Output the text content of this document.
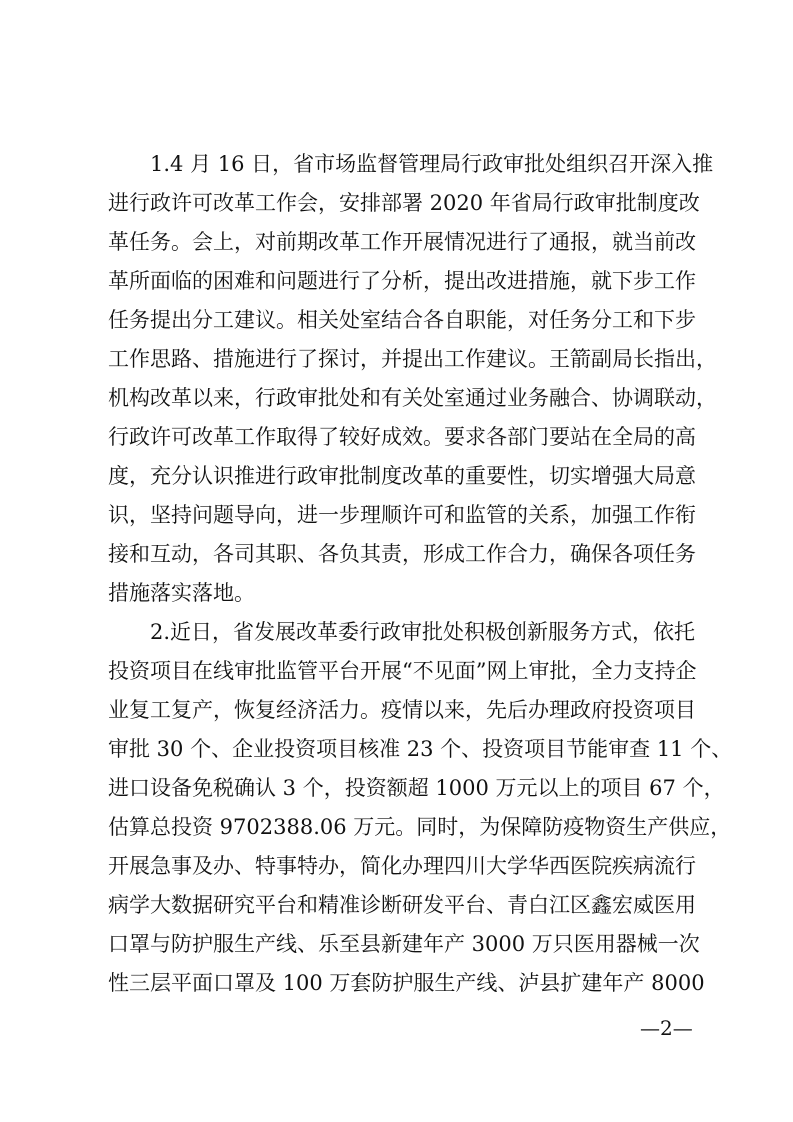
1.4 月 16 日，省市场监督管理局行政审批处组织召开深入推
进行政许可改革工作会，安排部署 2020 年省局行政审批制度改
革任务。会上，对前期改革工作开展情况进行了通报，就当前改
革所面临的困难和问题进行了分析，提出改进措施，就下步工作
任务提出分工建议。相关处室结合各自职能，对任务分工和下步
工作思路、措施进行了探讨，并提出工作建议。王箭副局长指出，
机构改革以来，行政审批处和有关处室通过业务融合、协调联动，
行政许可改革工作取得了较好成效。要求各部门要站在全局的高
度，充分认识推进行政审批制度改革的重要性，切实增强大局意
识，坚持问题导向，进一步理顺许可和监管的关系，加强工作衔
接和互动，各司其职、各负其责，形成工作合力，确保各项任务
措施落实落地。
2.近日，省发展改革委行政审批处积极创新服务方式，依托
投资项目在线审批监管平台开展“不见面”网上审批，全力支持企
业复工复产，恢复经济活力。疫情以来，先后办理政府投资项目
审批 30 个、企业投资项目核准 23 个、投资项目节能审查 11 个、
进口设备免税确认 3 个，投资额超 1000 万元以上的项目 67 个，
估算总投资 9702388.06 万元。同时，为保障防疫物资生产供应，
开展急事及办、特事特办，简化办理四川大学华西医院疾病流行
病学大数据研究平台和精准诊断研发平台、青白江区鑫宏威医用
口罩与防护服生产线、乐至县新建年产 3000 万只医用器械一次
性三层平面口罩及 100 万套防护服生产线、泸县扩建年产 8000
—2—
